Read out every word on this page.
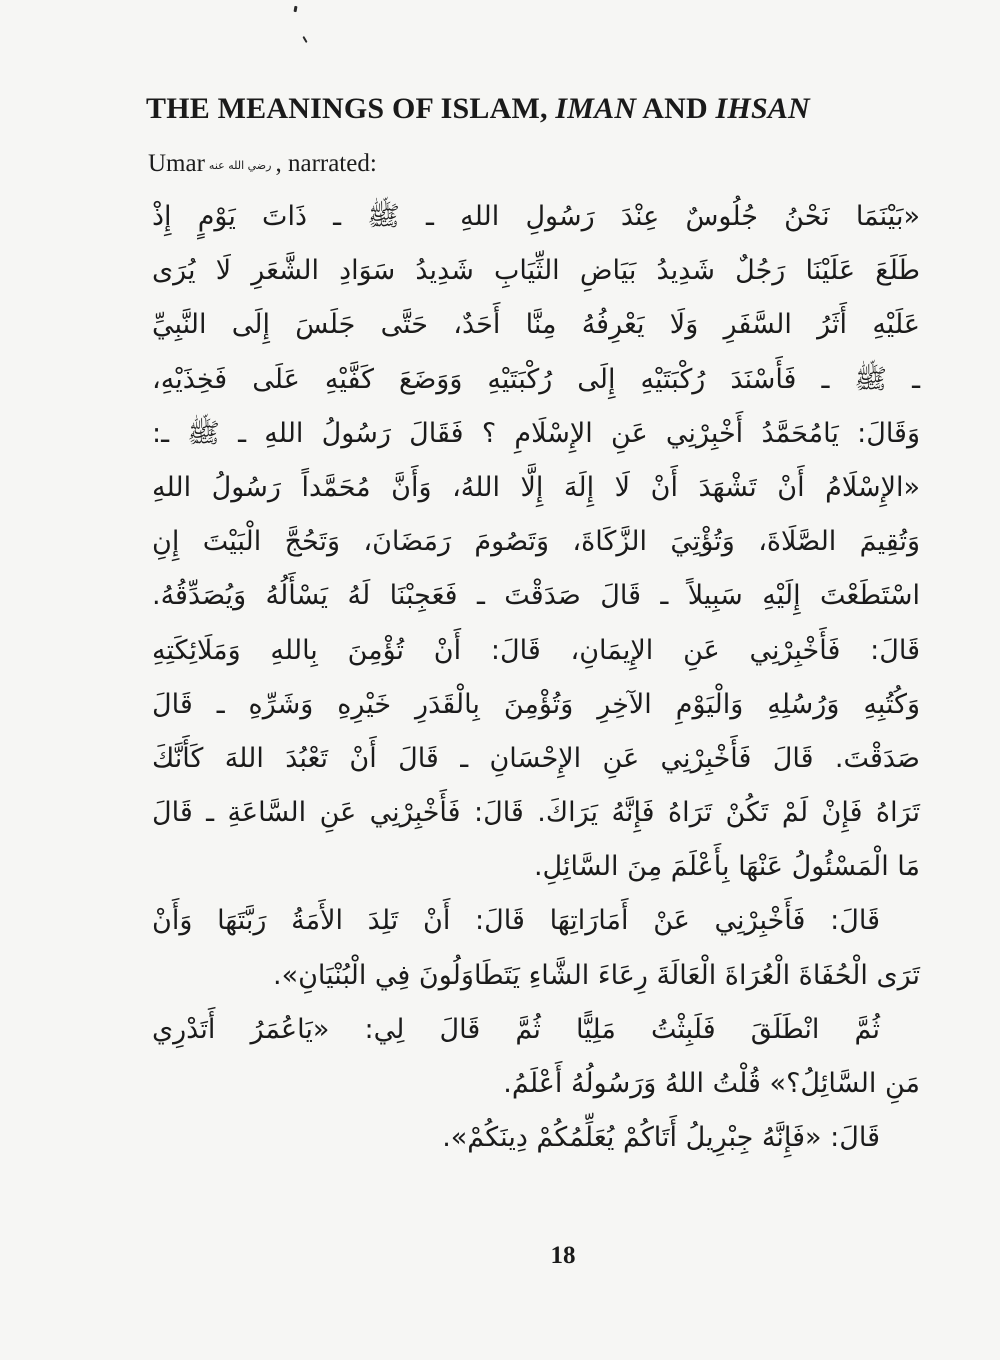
THE MEANINGS OF ISLAM, IMAN AND IHSAN
Umar رضي الله عنه , narrated:
«بَيْنَمَا نَحْنُ جُلُوسٌ عِنْدَ رَسُولِ اللهِ ـ ﷺ ـ ذَاتَ يَوْمٍ إِذْ
طَلَعَ عَلَيْنَا رَجُلٌ شَدِيدُ بَيَاضِ الثِّيَابِ شَدِيدُ سَوَادِ الشَّعَرِ لَا يُرَى
عَلَيْهِ أَثَرُ السَّفَرِ وَلَا يَعْرِفُهُ مِنَّا أَحَدٌ، حَتَّى جَلَسَ إِلَى النَّبِيِّ
ـ ﷺ ـ فَأَسْنَدَ رُكْبَتَيْهِ إِلَى رُكْبَتَيْهِ وَوَضَعَ كَفَّيْهِ عَلَى فَخِذَيْهِ،
وَقَالَ: يَامُحَمَّدُ أَخْبِرْنِي عَنِ الإِسْلَامِ ؟ فَقَالَ رَسُولُ اللهِ ـ ﷺ ـ:
«الإِسْلَامُ أَنْ تَشْهَدَ أَنْ لَا إِلَهَ إِلَّا اللهُ، وَأَنَّ مُحَمَّداً رَسُولُ اللهِ
وَتُقِيمَ الصَّلَاةَ، وَتُؤْتِيَ الزَّكَاةَ، وَتَصُومَ رَمَضَانَ، وَتَحُجَّ الْبَيْتَ إِنِ
اسْتَطَعْتَ إِلَيْهِ سَبِيلاً ـ قَالَ صَدَقْتَ ـ فَعَجِبْنَا لَهُ يَسْأَلُهُ وَيُصَدِّقُهُ.
قَالَ: فَأَخْبِرْنِي عَنِ الإِيمَانِ، قَالَ: أَنْ تُؤْمِنَ بِاللهِ وَمَلَائِكَتِهِ
وَكُتُبِهِ وَرُسُلِهِ وَالْيَوْمِ الآخِرِ وَتُؤْمِنَ بِالْقَدَرِ خَيْرِهِ وَشَرِّهِ ـ قَالَ
صَدَقْتَ. قَالَ فَأَخْبِرْنِي عَنِ الإِحْسَانِ ـ قَالَ أَنْ تَعْبُدَ اللهَ كَأَنَّكَ
تَرَاهُ فَإِنْ لَمْ تَكُنْ تَرَاهُ فَإِنَّهُ يَرَاكَ. قَالَ: فَأَخْبِرْنِي عَنِ السَّاعَةِ ـ قَالَ
مَا الْمَسْئُولُ عَنْهَا بِأَعْلَمَ مِنَ السَّائِلِ.
قَالَ: فَأَخْبِرْنِي عَنْ أَمَارَاتِهَا قَالَ: أَنْ تَلِدَ الأَمَةُ رَبَّتَهَا وَأَنْ
تَرَى الْحُفَاةَ الْعُرَاةَ الْعَالَةَ رِعَاءَ الشَّاءِ يَتَطَاوَلُونَ فِي الْبُنْيَانِ».
ثُمَّ انْطَلَقَ فَلَبِثْتُ مَلِيًّا ثُمَّ قَالَ لِي: «يَاعُمَرُ أَتَدْرِي
مَنِ السَّائِلُ؟» قُلْتُ اللهُ وَرَسُولُهُ أَعْلَمُ.
قَالَ: «فَإِنَّهُ جِبْرِيلُ أَتَاكُمْ يُعَلِّمُكُمْ دِينَكُمْ».
18
